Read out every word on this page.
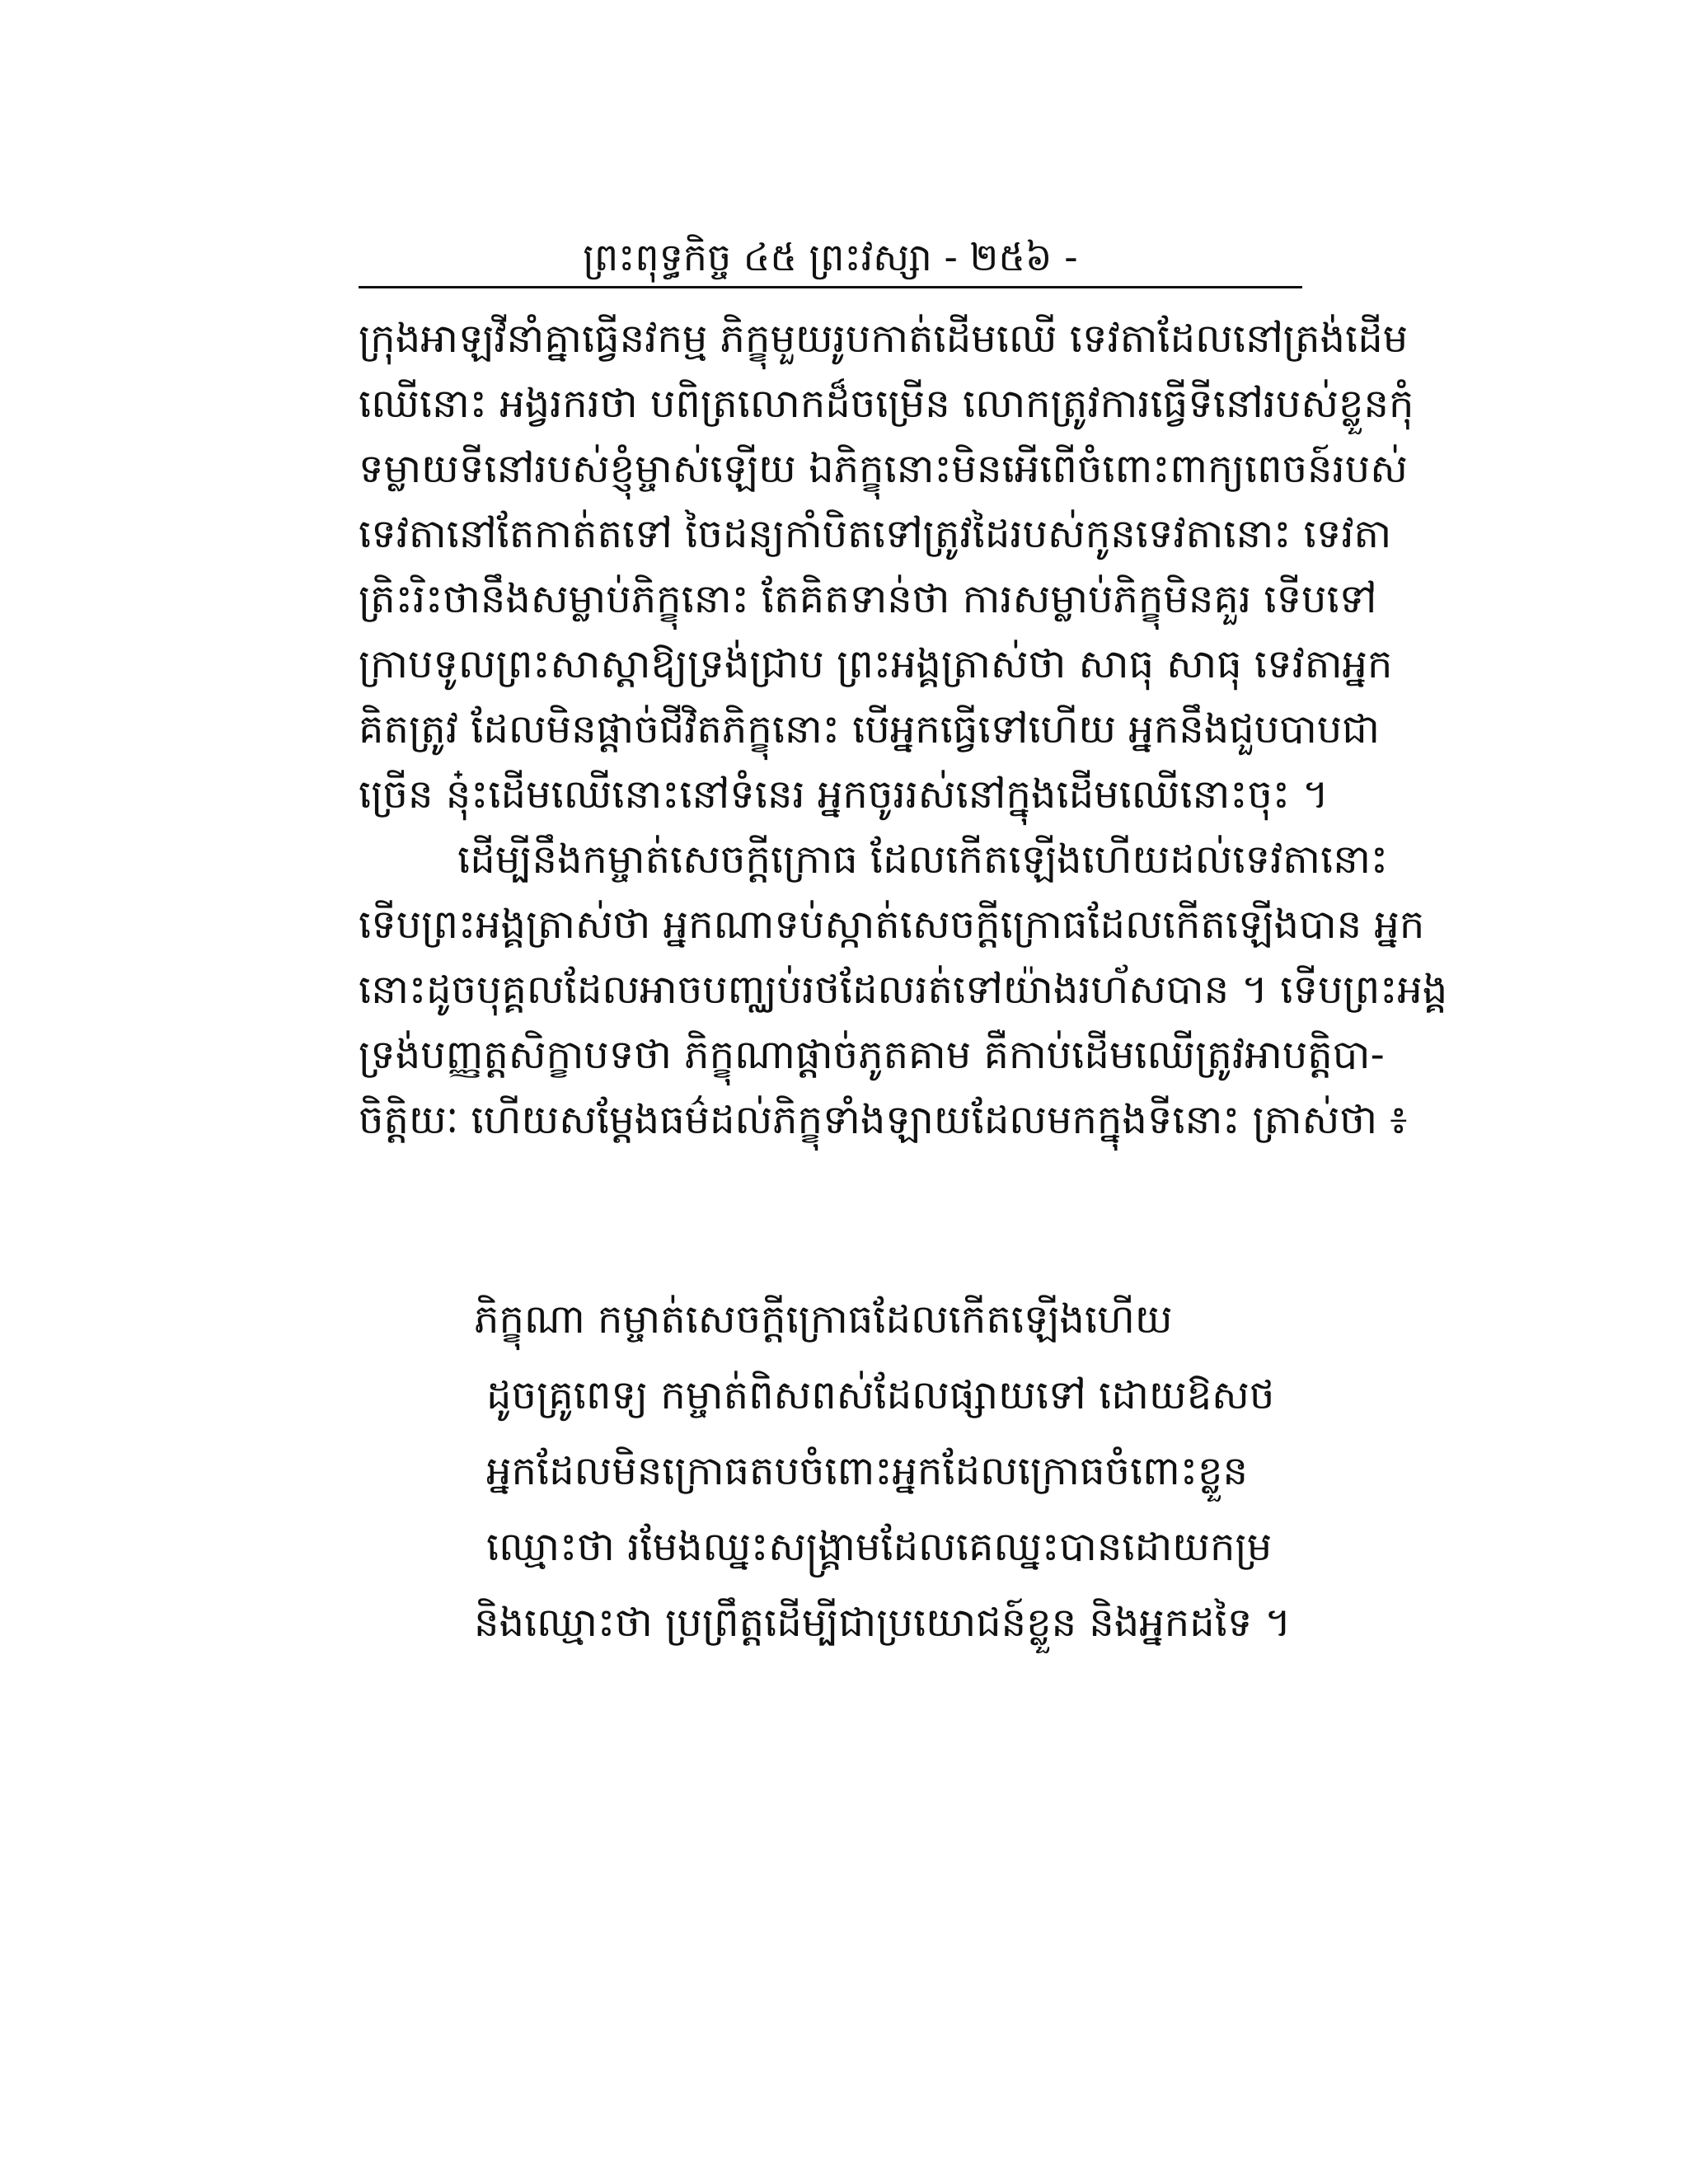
ព្រះពុទ្ធកិច្ច ៤៥ ព្រះវស្សា ‑ ២៥៦ ‑
ក្រុងអាឡវីនាំគ្នាធ្វើនវកម្ម ភិក្ខុមួយរូបកាត់ដើមឈើ ទេវតាដែលនៅត្រង់ដើម
ឈើនោះ អង្វរករថា បពិត្រលោកដ៏ចម្រើន លោកត្រូវការធ្វើទីនៅរបស់ខ្លួនកុំ
ទម្លាយទីនៅរបស់ខ្ញុំម្ចាស់ឡើយ ឯភិក្ខុនោះមិនអើពើចំពោះពាក្យពេចន៍របស់
ទេវតានៅតែកាត់តទៅ ចៃដន្យកាំបិតទៅត្រូវដៃរបស់កូនទេវតានោះ ទេវតា
ត្រិះរិះថានឹងសម្លាប់ភិក្ខុនោះ តែគិតទាន់ថា ការសម្លាប់ភិក្ខុមិនគួរ ទើបទៅ
ក្រាបទូលព្រះសាស្តាឱ្យទ្រង់ជ្រាប ព្រះអង្គត្រាស់ថា សាធុ សាធុ ទេវតាអ្នក
គិតត្រូវ ដែលមិនផ្តាច់ជីវិតភិក្ខុនោះ បើអ្នកធ្វើទៅហើយ អ្នកនឹងជួបបាបជា
ច្រើន នុ៎ះដើមឈើនោះនៅទំនេរ អ្នកចូររស់នៅក្នុងដើមឈើនោះចុះ ។
ដើម្បីនឹងកម្ចាត់សេចក្តីក្រោធ ដែលកើតឡើងហើយដល់ទេវតានោះ
ទើបព្រះអង្គត្រាស់ថា អ្នកណាទប់ស្កាត់សេចក្តីក្រោធដែលកើតឡើងបាន អ្នក
នោះដូចបុគ្គលដែលអាចបញ្ឈប់រថដែលរត់ទៅយ៉ាងរហ័សបាន ។ ទើបព្រះអង្គ
ទ្រង់បញ្ញត្តសិក្ខាបទថា ភិក្ខុណាផ្តាច់ភូតគាម គឺកាប់ដើមឈើត្រូវអាបត្តិបា‑
ចិត្តិយៈ ហើយសម្តែងធម៌ដល់ភិក្ខុទាំងឡាយដែលមកក្នុងទីនោះ ត្រាស់ថា ៖
ភិក្ខុណា កម្ចាត់សេចក្តីក្រោធដែលកើតឡើងហើយ
ដូចគ្រូពេទ្យ កម្ចាត់ពិសពស់ដែលផ្សាយទៅ ដោយឱសថ
អ្នកដែលមិនក្រោធតបចំពោះអ្នកដែលក្រោធចំពោះខ្លួន
ឈ្មោះថា រមែងឈ្នះសង្គ្រាមដែលគេឈ្នះបានដោយកម្រ
និងឈ្មោះថា ប្រព្រឹត្តដើម្បីជាប្រយោជន៍ខ្លួន និងអ្នកដទៃ ។
